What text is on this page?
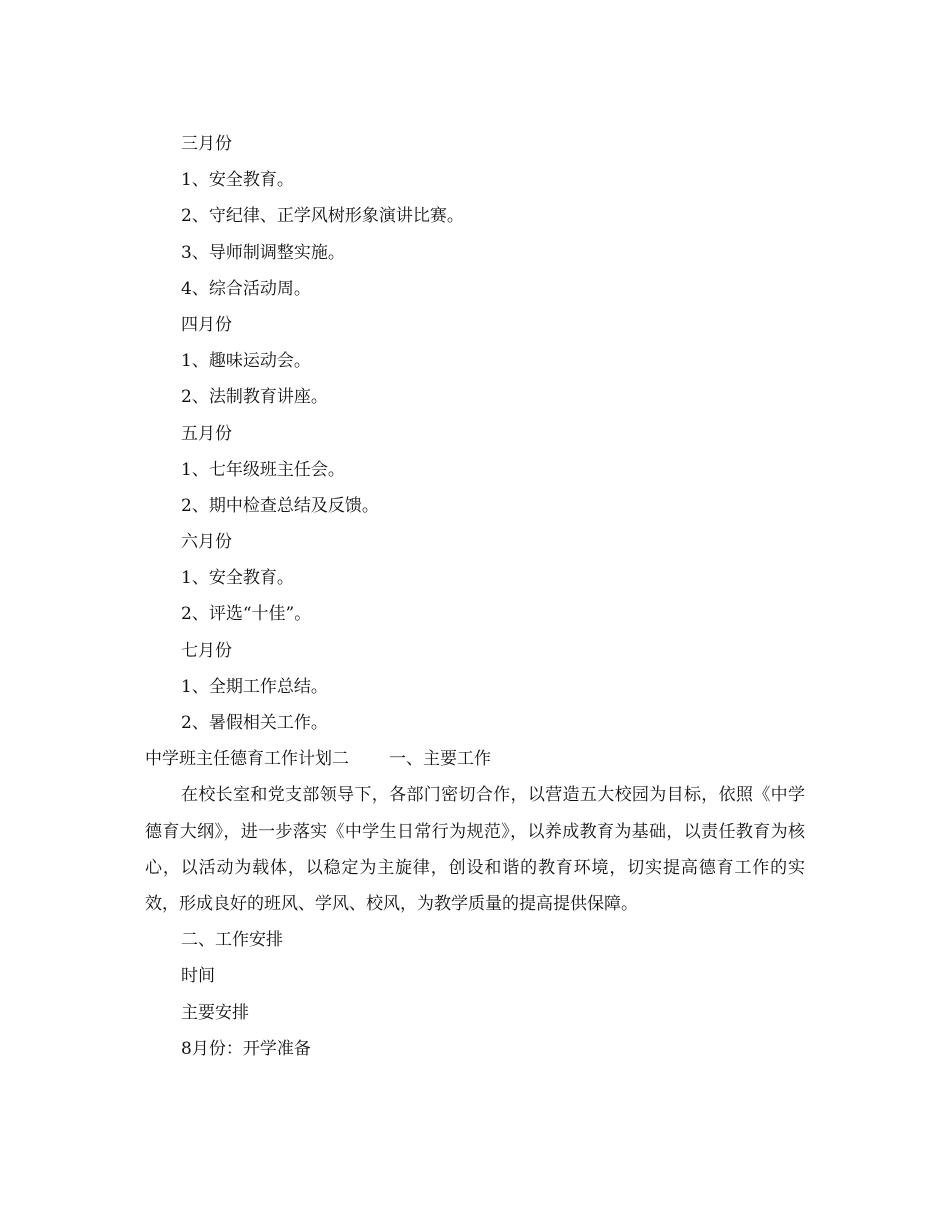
三月份
1、安全教育。
2、守纪律、正学风树形象演讲比赛。
3、导师制调整实施。
4、综合活动周。
四月份
1、趣味运动会。
2、法制教育讲座。
五月份
1、七年级班主任会。
2、期中检查总结及反馈。
六月份
1、安全教育。
2、评选“十佳”。
七月份
1、全期工作总结。
2、暑假相关工作。
中学班主任德育工作计划二 一、主要工作

在校长室和党支部领导下，各部门密切合作，以营造五大校园为目标，依照《中学德育大纲》，进一步落实《中学生日常行为规范》，以养成教育为基础，以责任教育为核心，以活动为载体，以稳定为主旋律，创设和谐的教育环境，切实提高德育工作的实效，形成良好的班风、学风、校风，为教学质量的提高提供保障。

二、工作安排
时间
主要安排
8月份：开学准备
